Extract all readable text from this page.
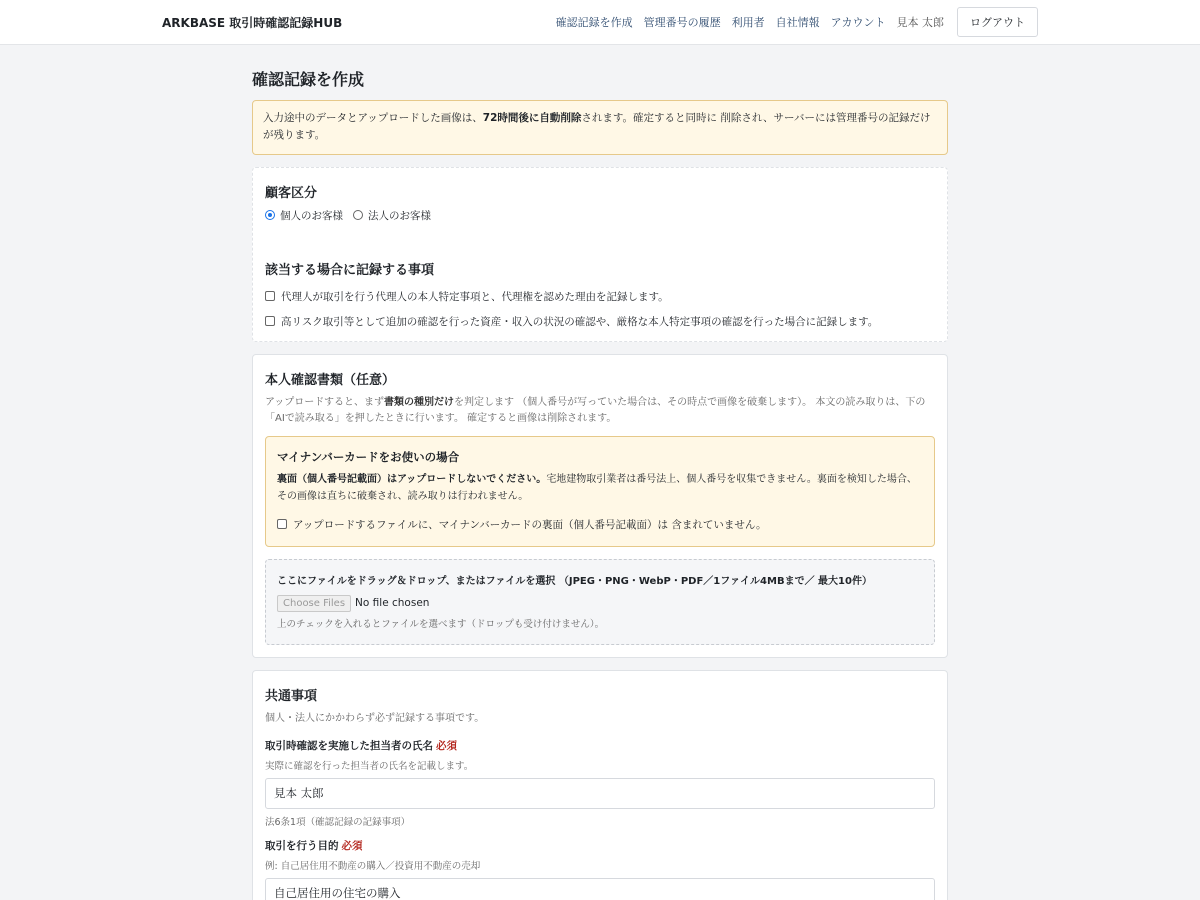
ARKBASE 取引時確認記録HUB	確認記録を作成 管理番号の履歴 利用者 自社情報 アカウント 見本 太郎	ログアウト
確認記録を作成
入力途中のデータとアップロードした画像は、72時間後に自動削除されます。確定すると同時に 削除され、サーバーには管理番号の記録だけが残ります。
顧客区分
個人のお客様 法人のお客様
該当する場合に記録する事項
代理人が取引を行う代理人の本人特定事項と、代理権を認めた理由を記録します。
高リスク取引等として追加の確認を行った資産・収入の状況の確認や、厳格な本人特定事項の確認を行った場合に記録します。
本人確認書類（任意）

アップロードすると、まず書類の種別だけを判定します （個人番号が写っていた場合は、その時点で画像を破棄します）。 本文の読み取りは、下の「AIで読み取る」を押したときに行います。 確定すると画像は削除されます。

マイナンバーカードをお使いの場合

裏面（個人番号記載面）はアップロードしないでください。宅地建物取引業者は番号法上、個人番号を収集できません。裏面を検知した場合、 その画像は直ちに破棄され、読み取りは行われません。

アップロードするファイルに、マイナンバーカードの裏面（個人番号記載面）は 含まれていません。
ここにファイルをドラッグ＆ドロップ、またはファイルを選択 （JPEG・PNG・WebP・PDF／1ファイル4MBまで／ 最大10件）
Choose Files No file chosen
上のチェックを入れるとファイルを選べます（ドロップも受け付けません）。
共通事項

個人・法人にかかわらず必ず記録する事項です。

取引時確認を実施した担当者の氏名 必須
実際に確認を行った担当者の氏名を記載します。
見本 太郎
法6条1項（確認記録の記録事項）
取引を行う目的 必須
例: 自己居住用不動産の購入／投資用不動産の売却
自己居住用の住宅の購入
